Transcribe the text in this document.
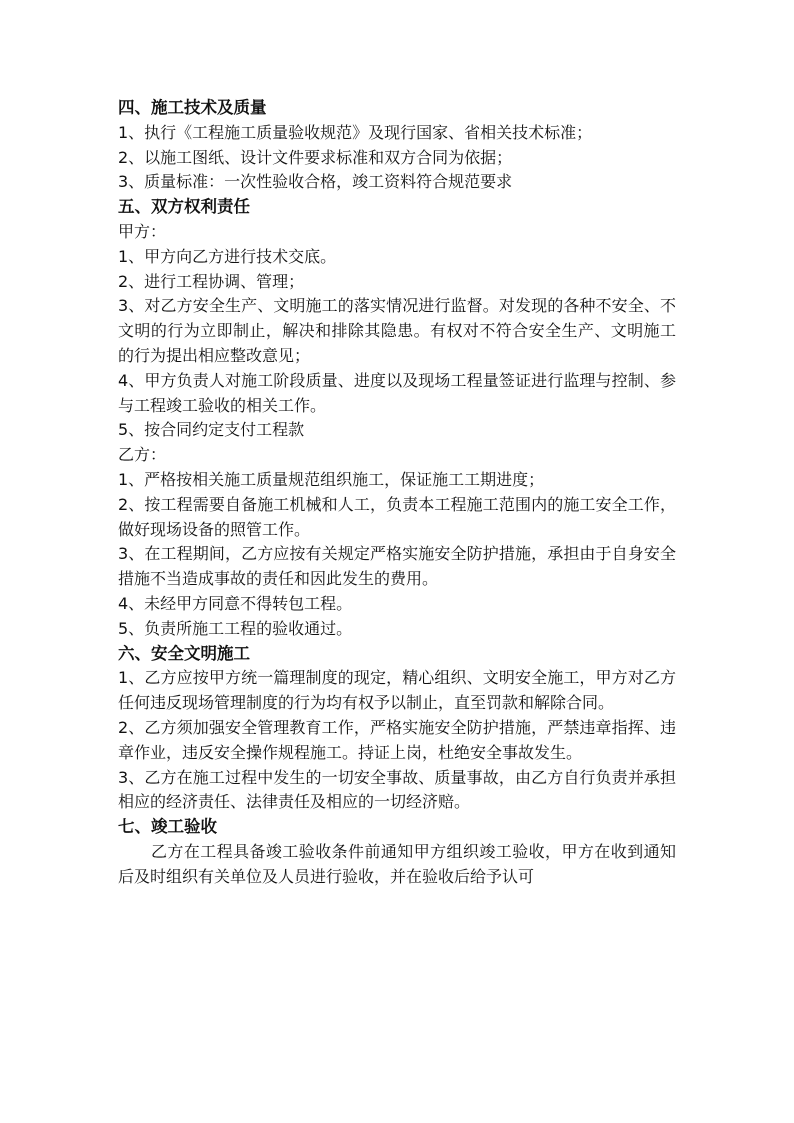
四、施工技术及质量

1、执行《工程施工质量验收规范》及现行国家、省相关技术标准；

2、以施工图纸、设计文件要求标准和双方合同为依据；

3、质量标准：一次性验收合格，竣工资料符合规范要求

五、双方权利责任

甲方：

1、甲方向乙方进行技术交底。

2、进行工程协调、管理；

3、对乙方安全生产、文明施工的落实情况进行监督。对发现的各种不安全、不文明的行为立即制止，解决和排除其隐患。有权对不符合安全生产、文明施工的行为提出相应整改意见；

4、甲方负责人对施工阶段质量、进度以及现场工程量签证进行监理与控制、参与工程竣工验收的相关工作。

5、按合同约定支付工程款

乙方：

1、严格按相关施工质量规范组织施工，保证施工工期进度；

2、按工程需要自备施工机械和人工，负责本工程施工范围内的施工安全工作，做好现场设备的照管工作。

3、在工程期间，乙方应按有关规定严格实施安全防护措施，承担由于自身安全措施不当造成事故的责任和因此发生的费用。

4、未经甲方同意不得转包工程。

5、负责所施工工程的验收通过。

六、安全文明施工

1、乙方应按甲方统一篇理制度的现定，精心组织、文明安全施工，甲方对乙方任何违反现场管理制度的行为均有权予以制止，直至罚款和解除合同。

2、乙方须加强安全管理教育工作，严格实施安全防护措施，严禁违章指挥、违章作业，违反安全操作规程施工。持证上岗，杜绝安全事故发生。

3、乙方在施工过程中发生的一切安全事故、质量事故，由乙方自行负责并承担相应的经济责任、法律责任及相应的一切经济赔。

七、竣工验收

乙方在工程具备竣工验收条件前通知甲方组织竣工验收，甲方在收到通知后及时组织有关单位及人员进行验收，并在验收后给予认可
